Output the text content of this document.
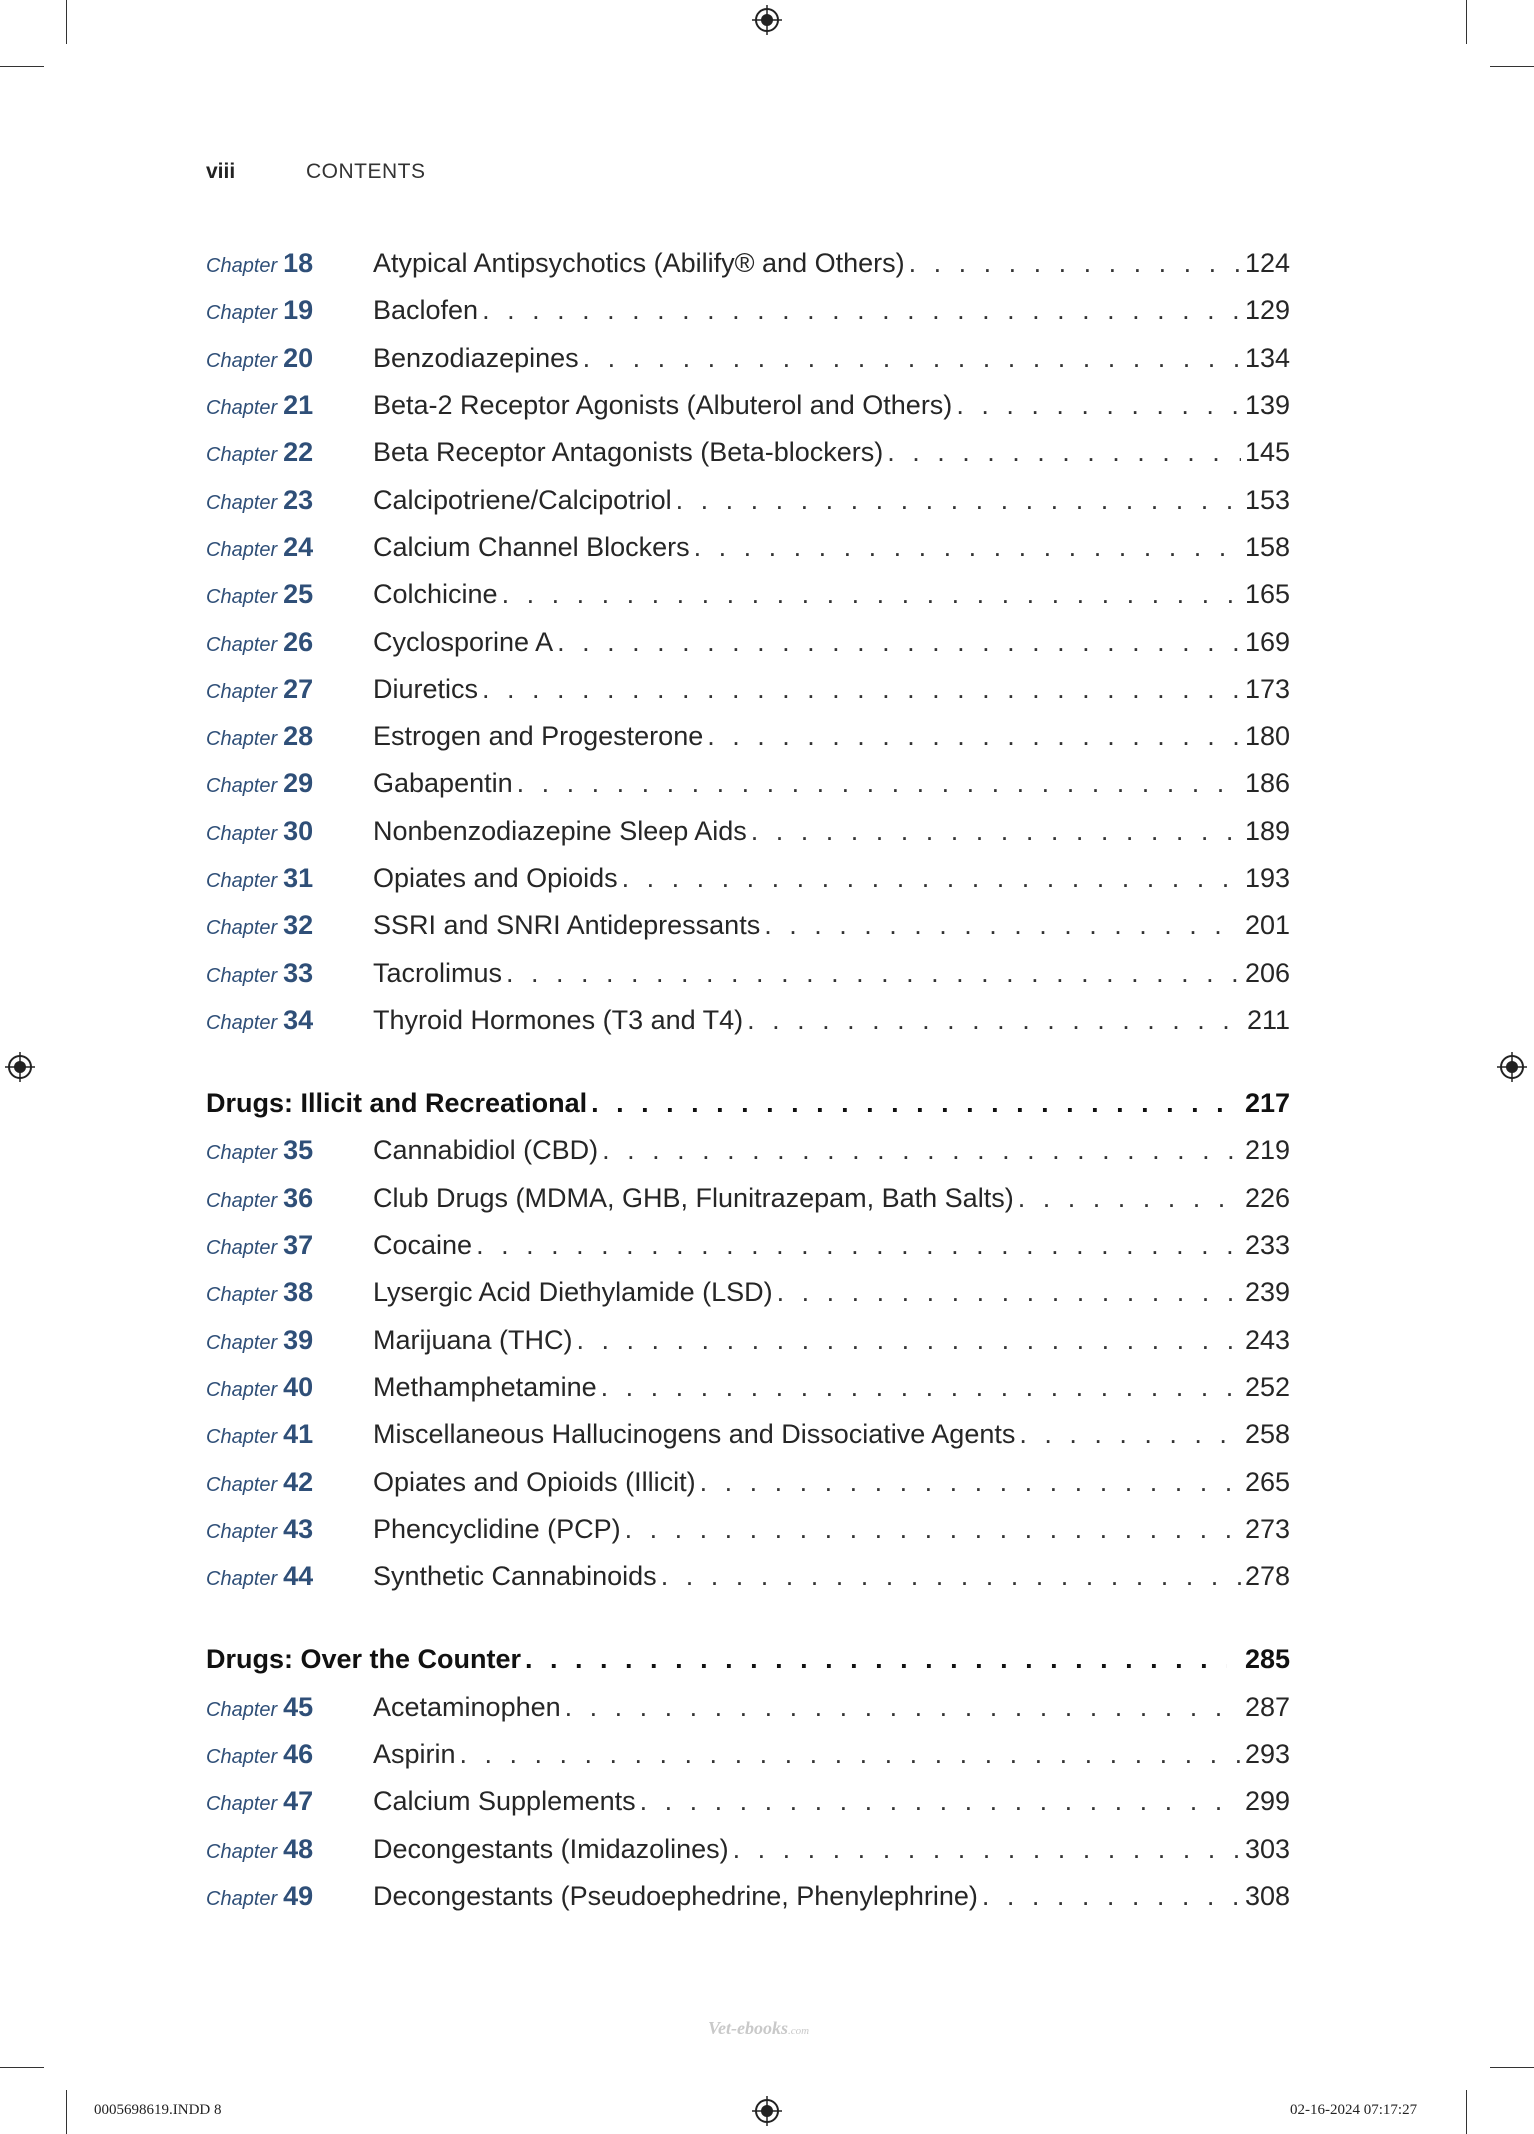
viii	CONTENTS
Chapter 18	Atypical Antipsychotics (Abilify® and Others) . . .	124
Chapter 19	Baclofen . . .	129
Chapter 20	Benzodiazepines . . .	134
Chapter 21	Beta-2 Receptor Agonists (Albuterol and Others) . . .	139
Chapter 22	Beta Receptor Antagonists (Beta-blockers) . . .	145
Chapter 23	Calcipotriene/Calcipotriol . . .	153
Chapter 24	Calcium Channel Blockers . . .	158
Chapter 25	Colchicine . . .	165
Chapter 26	Cyclosporine A . . .	169
Chapter 27	Diuretics . . .	173
Chapter 28	Estrogen and Progesterone . . .	180
Chapter 29	Gabapentin . . .	186
Chapter 30	Nonbenzodiazepine Sleep Aids . . .	189
Chapter 31	Opiates and Opioids . . .	193
Chapter 32	SSRI and SNRI Antidepressants . . .	201
Chapter 33	Tacrolimus . . .	206
Chapter 34	Thyroid Hormones (T3 and T4) . . .	211
Drugs: Illicit and Recreational . . .	217
Chapter 35	Cannabidiol (CBD) . . .	219
Chapter 36	Club Drugs (MDMA, GHB, Flunitrazepam, Bath Salts) . . .	226
Chapter 37	Cocaine . . .	233
Chapter 38	Lysergic Acid Diethylamide (LSD) . . .	239
Chapter 39	Marijuana (THC) . . .	243
Chapter 40	Methamphetamine . . .	252
Chapter 41	Miscellaneous Hallucinogens and Dissociative Agents . . .	258
Chapter 42	Opiates and Opioids (Illicit) . . .	265
Chapter 43	Phencyclidine (PCP) . . .	273
Chapter 44	Synthetic Cannabinoids . . .	278
Drugs: Over the Counter . . .	285
Chapter 45	Acetaminophen . . .	287
Chapter 46	Aspirin . . .	293
Chapter 47	Calcium Supplements . . .	299
Chapter 48	Decongestants (Imidazolines) . . .	303
Chapter 49	Decongestants (Pseudoephedrine, Phenylephrine) . . .	308
Vet-ebooks.com
0005698619.INDD 8	02-16-2024 07:17:27
